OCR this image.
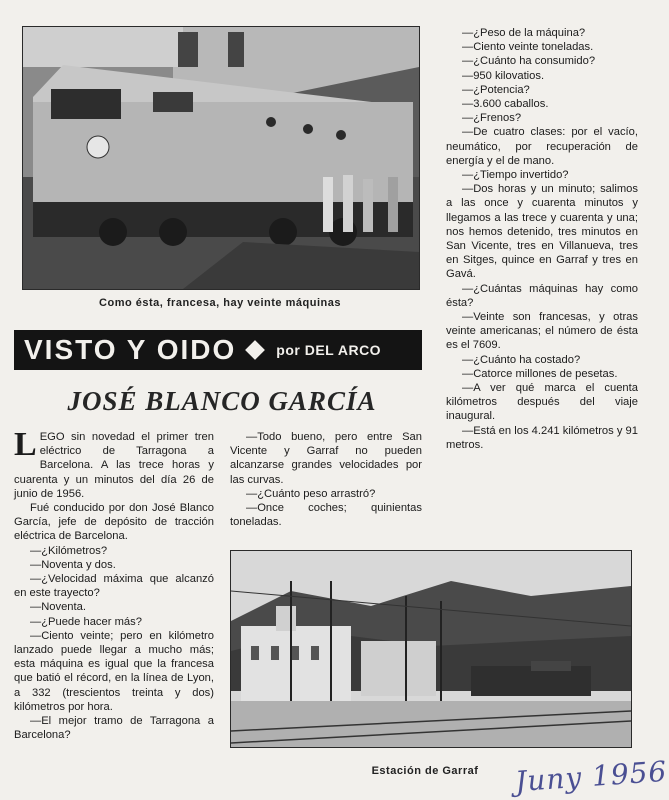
Como ésta, francesa, hay veinte máquinas
VISTO Y OIDO	por DEL ARCO
JOSÉ BLANCO GARCÍA

LEGO sin novedad el primer tren eléctrico de Tarragona a Barcelona. A las trece horas y cuarenta y un minutos del día 26 de junio de 1956.

Fué conducido por don José Blanco García, jefe de depósito de tracción eléctrica de Barcelona.

—¿Kilómetros?

—Noventa y dos.

—¿Velocidad máxima que alcanzó en este trayecto?

—Noventa.

—¿Puede hacer más?

—Ciento veinte; pero en kilómetro lanzado puede llegar a mucho más; esta máquina es igual que la francesa que batió el récord, en la línea de Lyon, a 332 (trescientos treinta y dos) kilómetros por hora.

—El mejor tramo de Tarragona a Barcelona?

—Todo bueno, pero entre San Vicente y Garraf no pueden alcanzarse grandes velocidades por las curvas.

—¿Cuánto peso arrastró?

—Once coches; quinientas toneladas.

—¿Peso de la máquina?

—Ciento veinte toneladas.

—¿Cuánto ha consumido?

—950 kilovatios.

—¿Potencia?

—3.600 caballos.

—¿Frenos?

—De cuatro clases: por el vacío, neumático, por recuperación de energía y el de mano.

—¿Tiempo invertido?

—Dos horas y un minuto; salimos a las once y cuarenta minutos y llegamos a las trece y cuarenta y una; nos hemos detenido, tres minutos en San Vicente, tres en Villanueva, tres en Sitges, quince en Garraf y tres en Gavá.

—¿Cuántas máquinas hay como ésta?

—Veinte son francesas, y otras veinte americanas; el número de ésta es el 7609.

—¿Cuánto ha costado?

—Catorce millones de pesetas.

—A ver qué marca el cuenta kilómetros después del viaje inaugural.

—Está en los 4.241 kilómetros y 91 metros.

Estación de Garraf	Juny 1956
